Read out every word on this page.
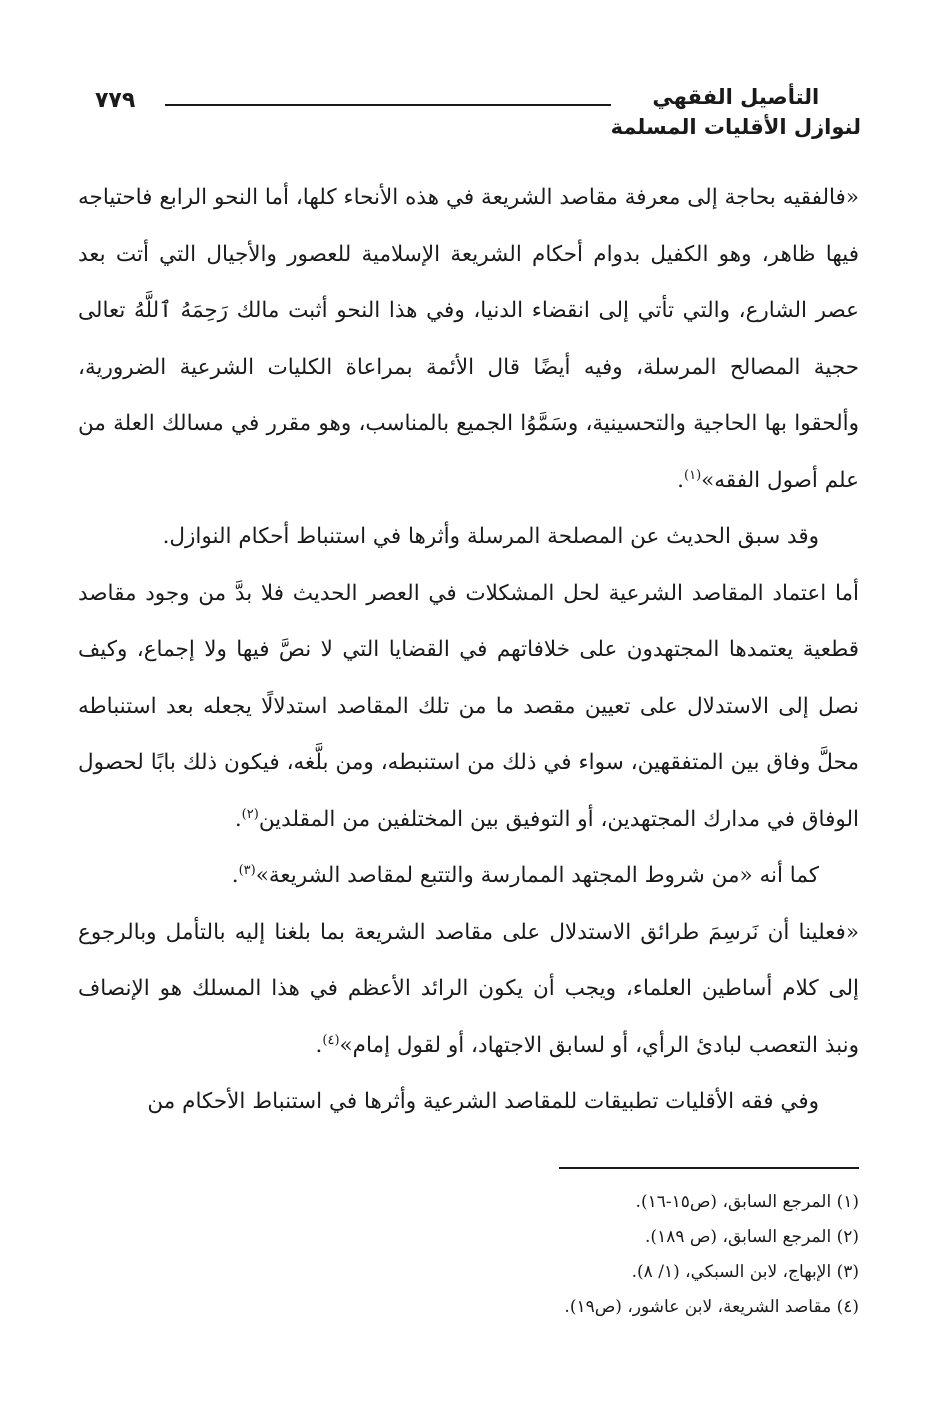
التأصيل الفقهي
لنوازل الأقليات المسلمة
٧٧٩

«فالفقيه بحاجة إلى معرفة مقاصد الشريعة في هذه الأنحاء كلها، أما النحو الرابع فاحتياجه فيها ظاهر، وهو الكفيل بدوام أحكام الشريعة الإسلامية للعصور والأجيال التي أتت بعد عصر الشارع، والتي تأتي إلى انقضاء الدنيا، وفي هذا النحو أثبت مالك رَحِمَهُ ٱللَّهُ تعالى حجية المصالح المرسلة، وفيه أيضًا قال الأئمة بمراعاة الكليات الشرعية الضرورية، وألحقوا بها الحاجية والتحسينية، وسَمَّوُا الجميع بالمناسب، وهو مقرر في مسالك العلة من علم أصول الفقه»$^{(١)}$.

وقد سبق الحديث عن المصلحة المرسلة وأثرها في استنباط أحكام النوازل.

أما اعتماد المقاصد الشرعية لحل المشكلات في العصر الحديث فلا بدَّ من وجود مقاصد قطعية يعتمدها المجتهدون على خلافاتهم في القضايا التي لا نصَّ فيها ولا إجماع، وكيف نصل إلى الاستدلال على تعيين مقصد ما من تلك المقاصد استدلالًا يجعله بعد استنباطه محلَّ وفاق بين المتفقهين، سواء في ذلك من استنبطه، ومن بلَّغه، فيكون ذلك بابًا لحصول الوفاق في مدارك المجتهدين، أو التوفيق بين المختلفين من المقلدين$^{(٢)}$.

كما أنه «من شروط المجتهد الممارسة والتتبع لمقاصد الشريعة»$^{(٣)}$.

«فعلينا أن نَرسِمَ طرائق الاستدلال على مقاصد الشريعة بما بلغنا إليه بالتأمل وبالرجوع إلى كلام أساطين العلماء، ويجب أن يكون الرائد الأعظم في هذا المسلك هو الإنصاف ونبذ التعصب لبادئ الرأي، أو لسابق الاجتهاد، أو لقول إمام»$^{(٤)}$.

وفي فقه الأقليات تطبيقات للمقاصد الشرعية وأثرها في استنباط الأحكام من

(١) المرجع السابق، (ص١٥-١٦).
(٢) المرجع السابق، (ص ١٨٩).
(٣) الإبهاج، لابن السبكي، (١/ ٨).
(٤) مقاصد الشريعة، لابن عاشور، (ص١٩).
